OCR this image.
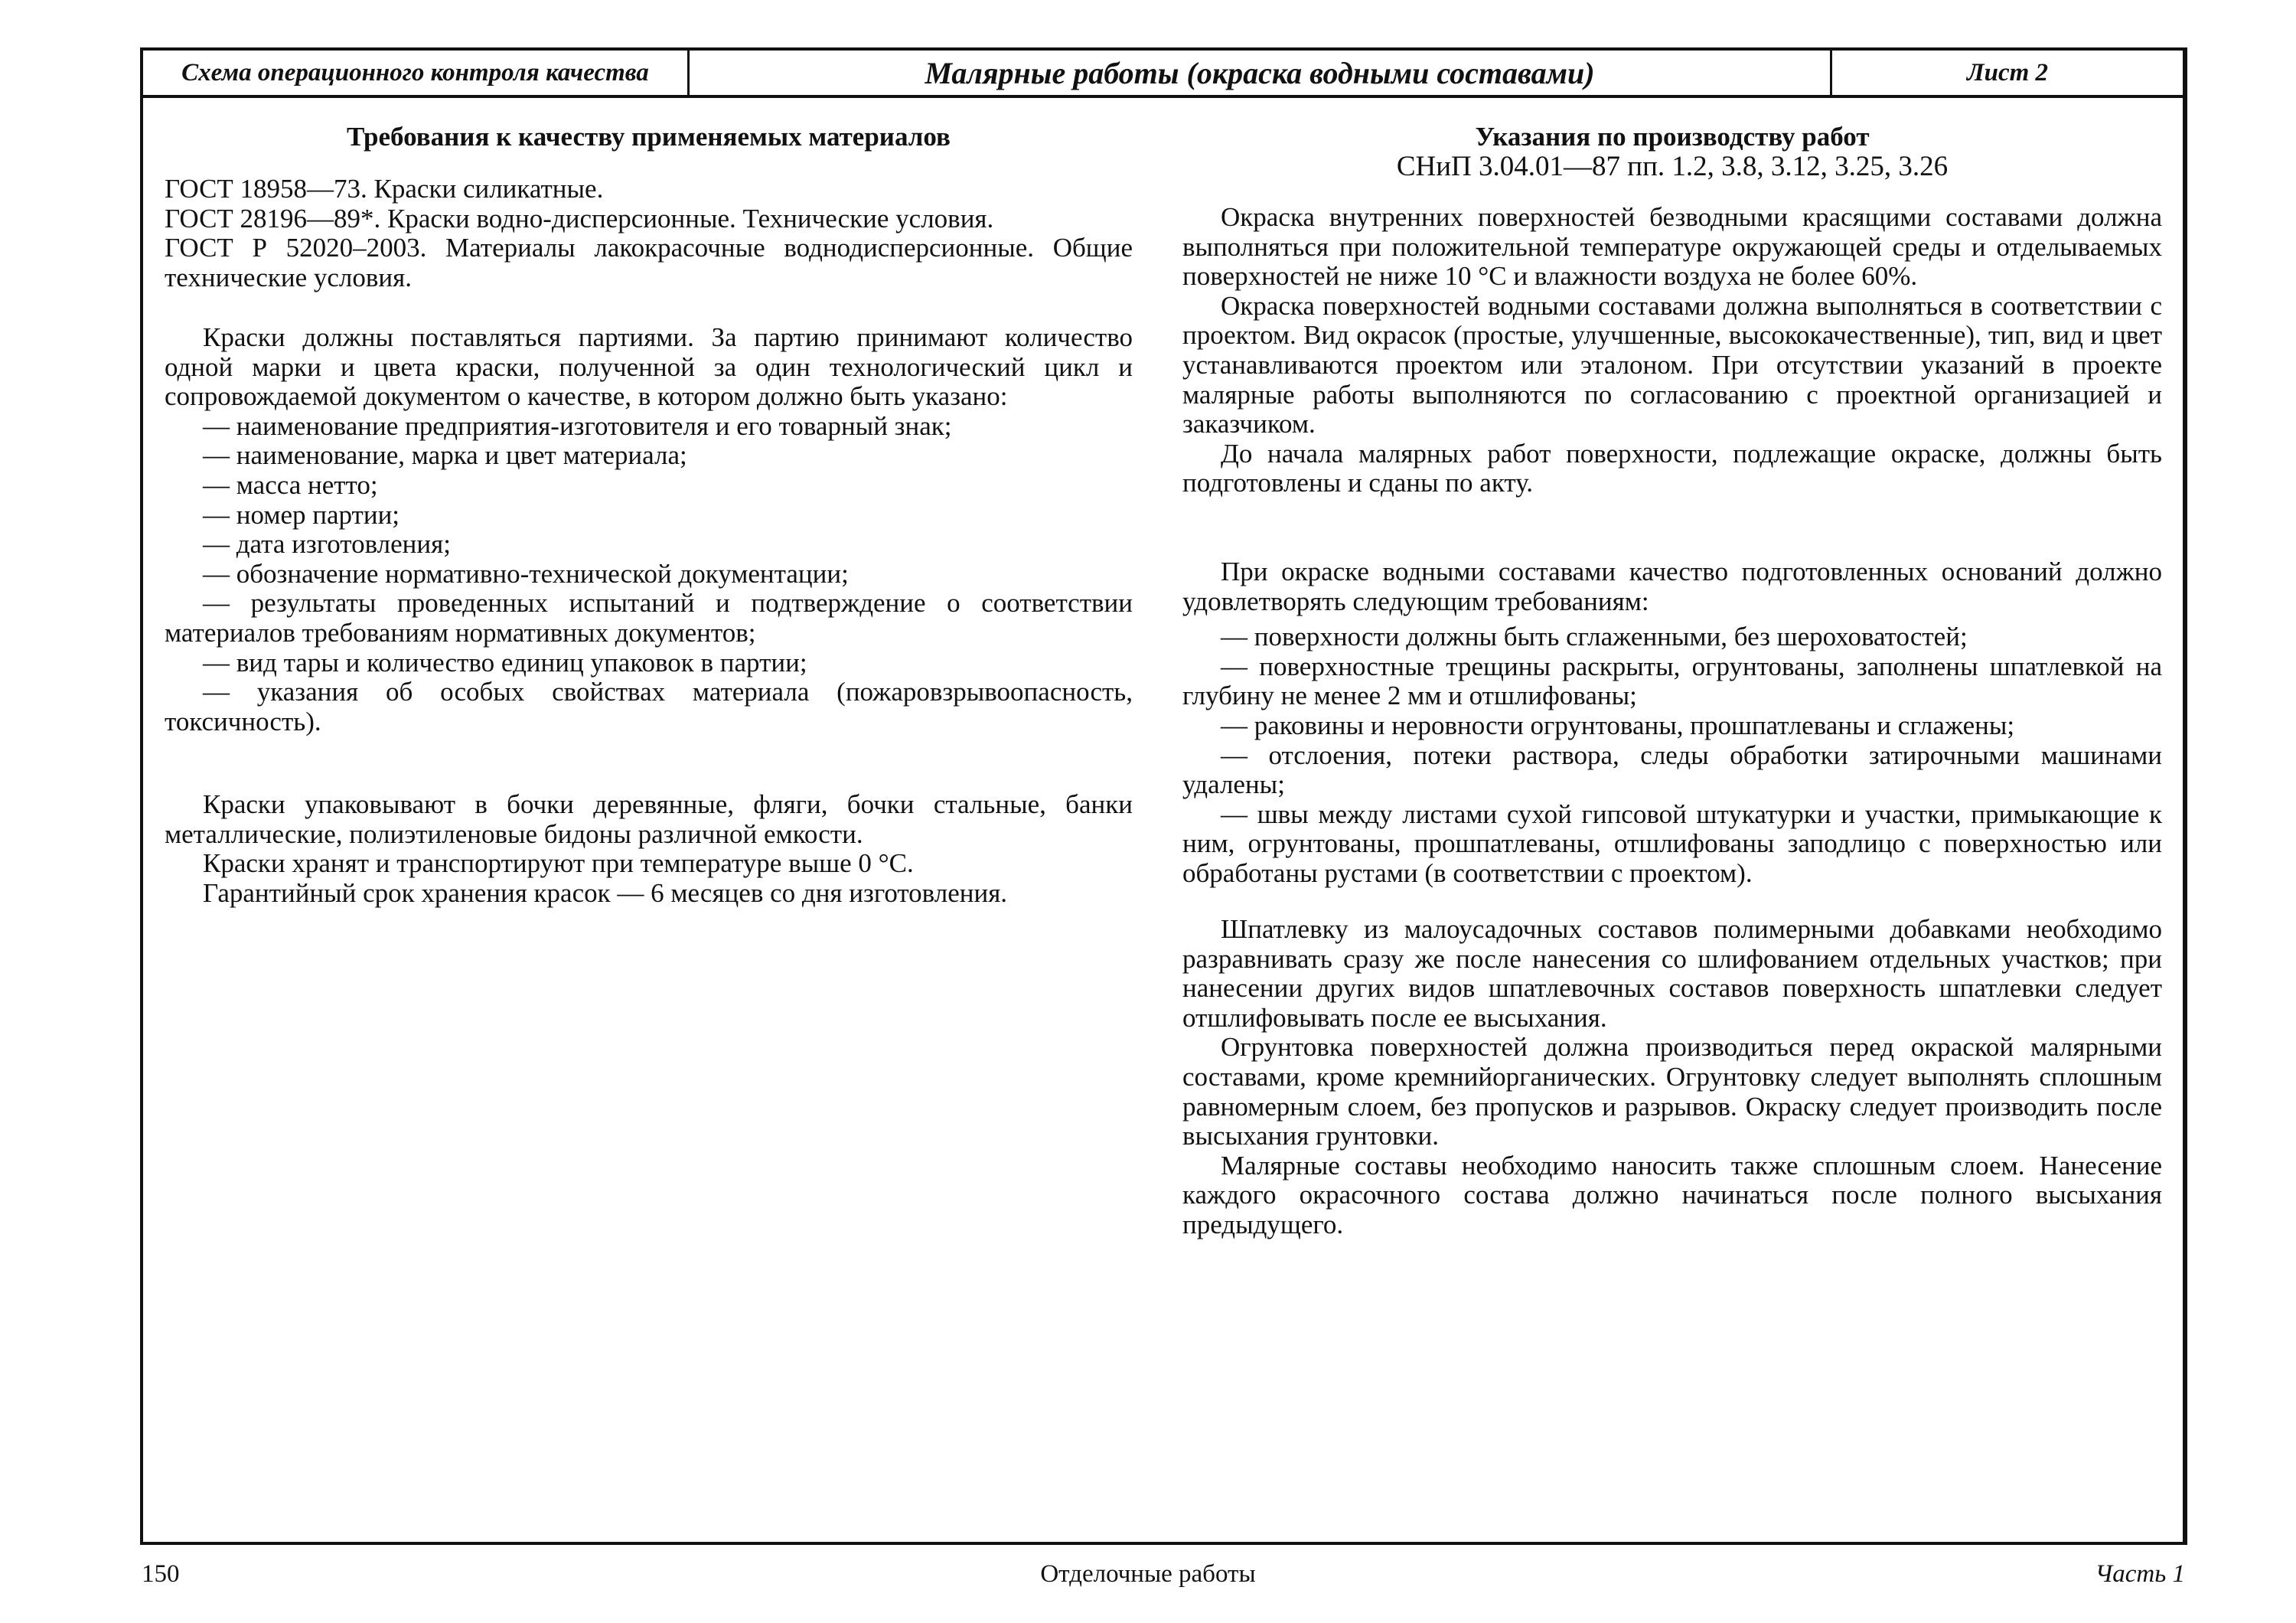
Схема операционного контроля качества	Малярные работы (окраска водными составами)	Лист 2
Требования к качеству применяемых материалов

ГОСТ 18958—73. Краски силикатные.

ГОСТ 28196—89*. Краски водно-дисперсионные. Технические условия.

ГОСТ Р 52020–2003. Материалы лакокрасочные воднодисперсионные. Общие технические условия.

Краски должны поставляться партиями. За партию принимают количество одной марки и цвета краски, полученной за один технологический цикл и сопровождаемой документом о качестве, в котором должно быть указано:

— наименование предприятия-изготовителя и его товарный знак;

— наименование, марка и цвет материала;

— масса нетто;

— номер партии;

— дата изготовления;

— обозначение нормативно-технической документации;

— результаты проведенных испытаний и подтверждение о соответствии материалов требованиям нормативных документов;

— вид тары и количество единиц упаковок в партии;

— указания об особых свойствах материала (пожаровзрывоопасность, токсичность).

Краски упаковывают в бочки деревянные, фляги, бочки стальные, банки металлические, полиэтиленовые бидоны различной емкости.

Краски хранят и транспортируют при температуре выше 0 °С.

Гарантийный срок хранения красок — 6 месяцев со дня изготовления.

Указания по производству работ
СНиП 3.04.01—87 пп. 1.2, 3.8, 3.12, 3.25, 3.26

Окраска внутренних поверхностей безводными красящими составами должна выполняться при положительной температуре окружающей среды и отделываемых поверхностей не ниже 10 °С и влажности воздуха не более 60%.

Окраска поверхностей водными составами должна выполняться в соответствии с проектом. Вид окрасок (простые, улучшенные, высококачественные), тип, вид и цвет устанавливаются проектом или эталоном. При отсутствии указаний в проекте малярные работы выполняются по согласованию с проектной организацией и заказчиком.

До начала малярных работ поверхности, подлежащие окраске, должны быть подготовлены и сданы по акту.

При окраске водными составами качество подготовленных оснований должно удовлетворять следующим требованиям:

— поверхности должны быть сглаженными, без шероховатостей;

— поверхностные трещины раскрыты, огрунтованы, заполнены шпатлевкой на глубину не менее 2 мм и отшлифованы;

— раковины и неровности огрунтованы, прошпатлеваны и сглажены;

— отслоения, потеки раствора, следы обработки затирочными машинами удалены;

— швы между листами сухой гипсовой штукатурки и участки, примыкающие к ним, огрунтованы, прошпатлеваны, отшлифованы заподлицо с поверхностью или обработаны рустами (в соответствии с проектом).

Шпатлевку из малоусадочных составов полимерными добавками необходимо разравнивать сразу же после нанесения со шлифованием отдельных участков; при нанесении других видов шпатлевочных составов поверхность шпатлевки следует отшлифовывать после ее высыхания.

Огрунтовка поверхностей должна производиться перед окраской малярными составами, кроме кремнийорганических. Огрунтовку следует выполнять сплошным равномерным слоем, без пропусков и разрывов. Окраску следует производить после высыхания грунтовки.

Малярные составы необходимо наносить также сплошным слоем. Нанесение каждого окрасочного состава должно начинаться после полного высыхания предыдущего.

150	Отделочные работы	Часть 1
